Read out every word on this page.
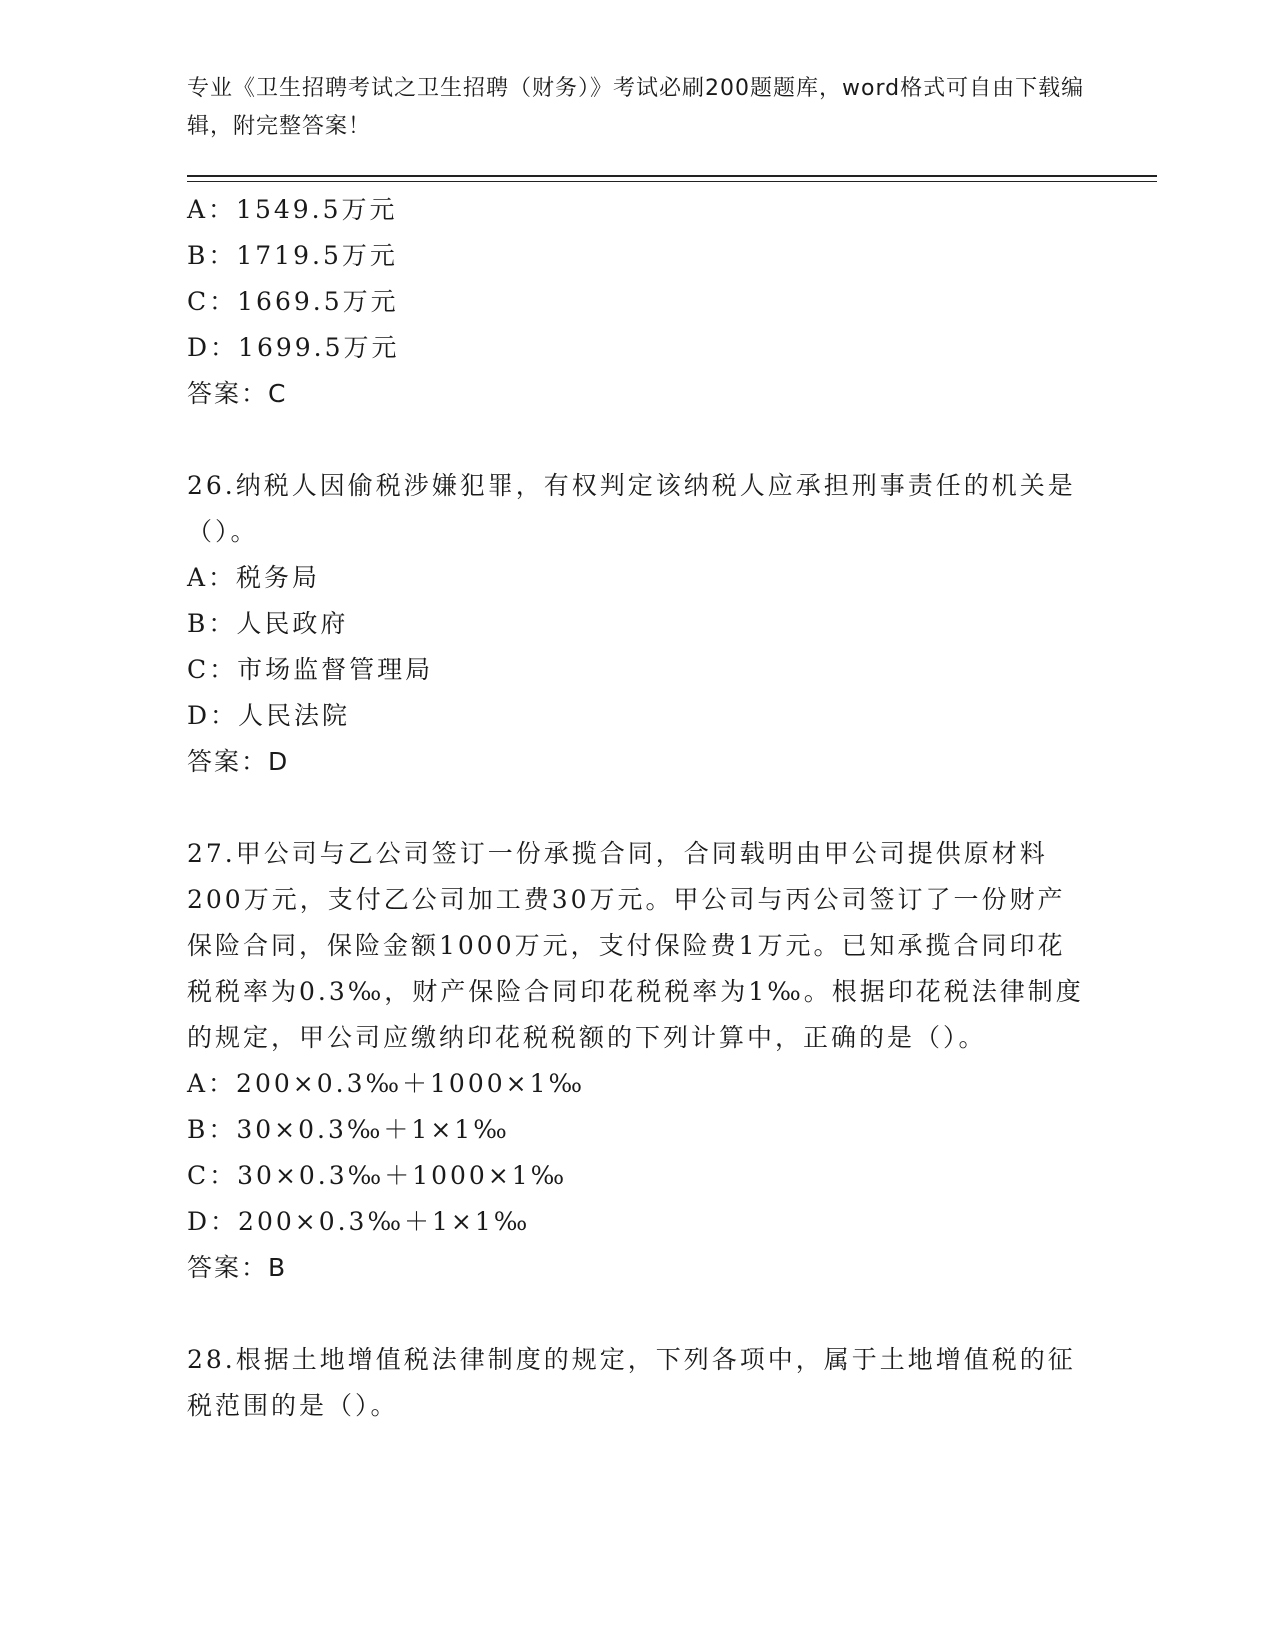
专业《卫生招聘考试之卫生招聘（财务）》考试必刷200题题库，word格式可自由下载编辑，附完整答案！
A：1549.5万元
B：1719.5万元
C：1669.5万元
D：1699.5万元
答案：C
26.纳税人因偷税涉嫌犯罪，有权判定该纳税人应承担刑事责任的机关是（）。
A：税务局
B：人民政府
C：市场监督管理局
D：人民法院
答案：D
27.甲公司与乙公司签订一份承揽合同，合同载明由甲公司提供原材料200万元，支付乙公司加工费30万元。甲公司与丙公司签订了一份财产保险合同，保险金额1000万元，支付保险费1万元。已知承揽合同印花税税率为0.3‰，财产保险合同印花税税率为1‰。根据印花税法律制度的规定，甲公司应缴纳印花税税额的下列计算中，正确的是（）。
A：200×0.3‰＋1000×1‰
B：30×0.3‰＋1×1‰
C：30×0.3‰＋1000×1‰
D：200×0.3‰＋1×1‰
答案：B
28.根据土地增值税法律制度的规定，下列各项中，属于土地增值税的征税范围的是（）。
